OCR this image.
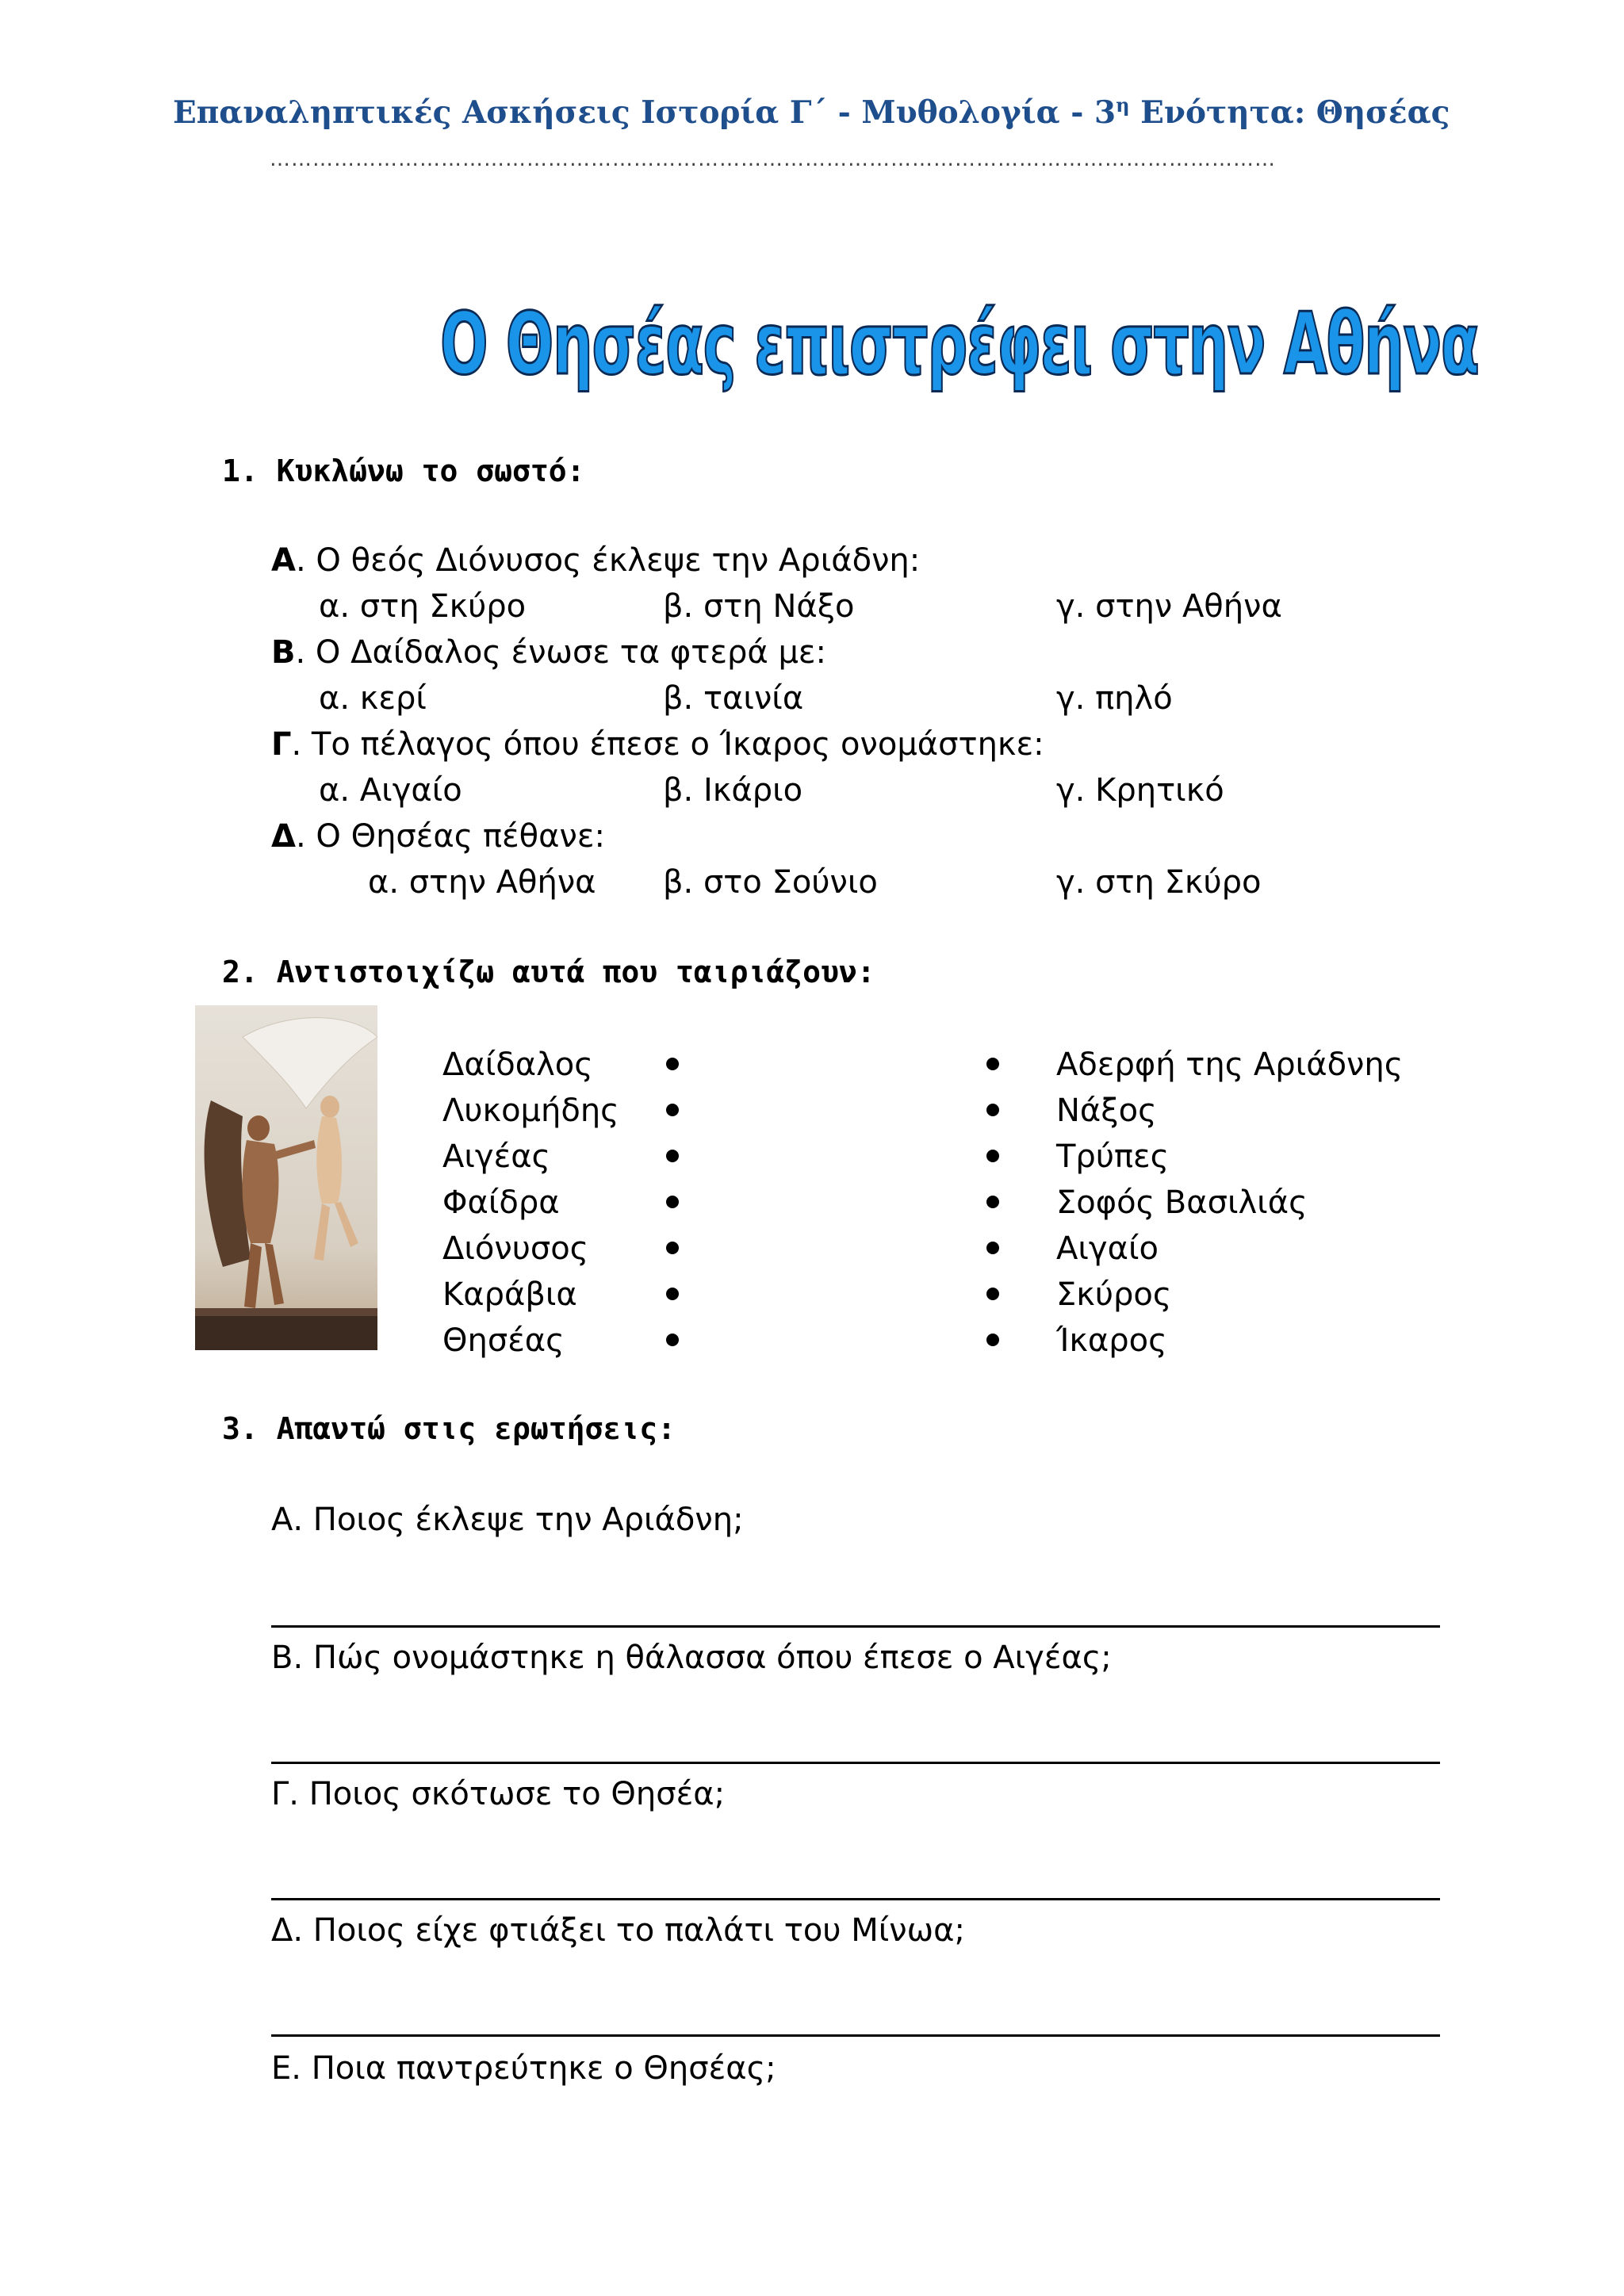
Επαναληπτικές Ασκήσεις Ιστορία Γ΄ - Μυθολογία - $3^\eta$ Ενότητα: Θησέας
……………………………………………………………………………………………………………………………
Ο Θησέας επιστρέφει στην Αθήνα
1. Κυκλώνω το σωστό:
Α. Ο θεός Διόνυσος έκλεψε την Αριάδνη:
α. στη Σκύρο	β. στη Νάξο	γ. στην Αθήνα
Β. Ο Δαίδαλος ένωσε τα φτερά με:
α. κερί	β. ταινία	γ. πηλό
Γ. Το πέλαγος όπου έπεσε ο Ίκαρος ονομάστηκε:
α. Αιγαίο	β. Ικάριο	γ. Κρητικό
Δ. Ο Θησέας πέθανε:
α. στην Αθήνα β. στο Σούνιο	γ. στη Σκύρο
2. Αντιστοιχίζω αυτά που ταιριάζουν:
Δαίδαλος	Αδερφή της Αριάδνης
Λυκομήδης	Νάξος
Αιγέας	Τρύπες
Φαίδρα	Σοφός Βασιλιάς
Διόνυσος	Αιγαίο
Καράβια	Σκύρος
Θησέας	Ίκαρος
3. Απαντώ στις ερωτήσεις:
Α. Ποιος έκλεψε την Αριάδνη;
Β. Πώς ονομάστηκε η θάλασσα όπου έπεσε ο Αιγέας;
Γ. Ποιος σκότωσε το Θησέα;
Δ. Ποιος είχε φτιάξει το παλάτι του Μίνωα;
Ε. Ποια παντρεύτηκε ο Θησέας;
